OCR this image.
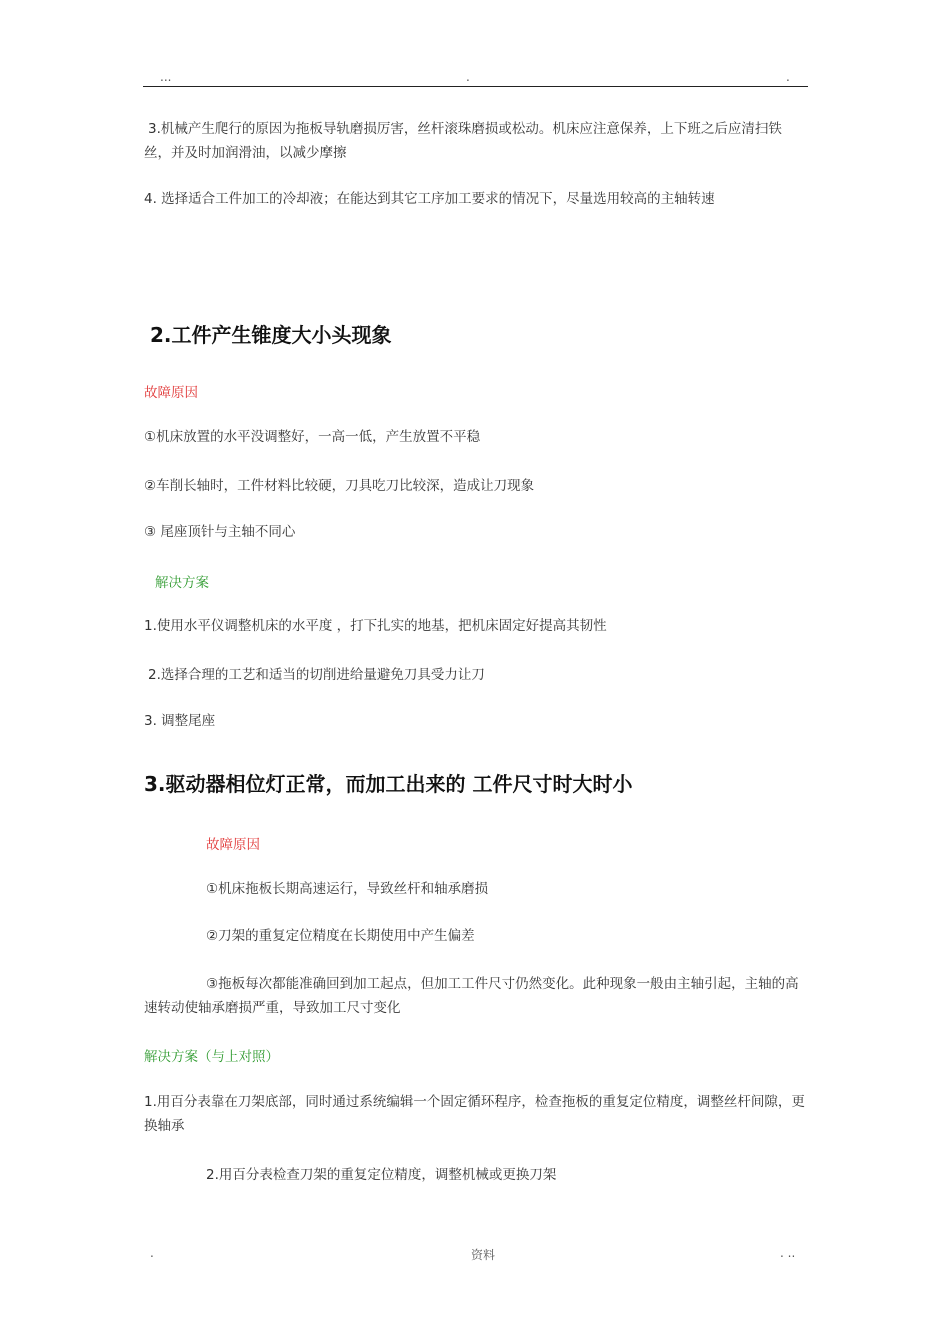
...	.	.
3.机械产生爬行的原因为拖板导轨磨损厉害，丝杆滚珠磨损或松动。机床应注意保养，上下班之后应清扫铁丝，并及时加润滑油，以减少摩擦
4. 选择适合工件加工的冷却液；在能达到其它工序加工要求的情况下，尽量选用较高的主轴转速
2.工件产生锥度大小头现象
故障原因
①机床放置的水平没调整好，一高一低，产生放置不平稳
②车削长轴时，工件材料比较硬，刀具吃刀比较深，造成让刀现象
③ 尾座顶针与主轴不同心
解决方案
1.使用水平仪调整机床的水平度 ，打下扎实的地基，把机床固定好提高其韧性
2.选择合理的工艺和适当的切削进给量避免刀具受力让刀
3. 调整尾座
3.驱动器相位灯正常，而加工出来的 工件尺寸时大时小
故障原因
①机床拖板长期高速运行，导致丝杆和轴承磨损
②刀架的重复定位精度在长期使用中产生偏差
③拖板每次都能准确回到加工起点，但加工工件尺寸仍然变化。此种现象一般由主轴引起，主轴的高速转动使轴承磨损严重，导致加工尺寸变化
解决方案（与上对照）
1.用百分表靠在刀架底部，同时通过系统编辑一个固定循环程序，检查拖板的重复定位精度，调整丝杆间隙，更换轴承
2.用百分表检查刀架的重复定位精度，调整机械或更换刀架
.	资料	. ..
